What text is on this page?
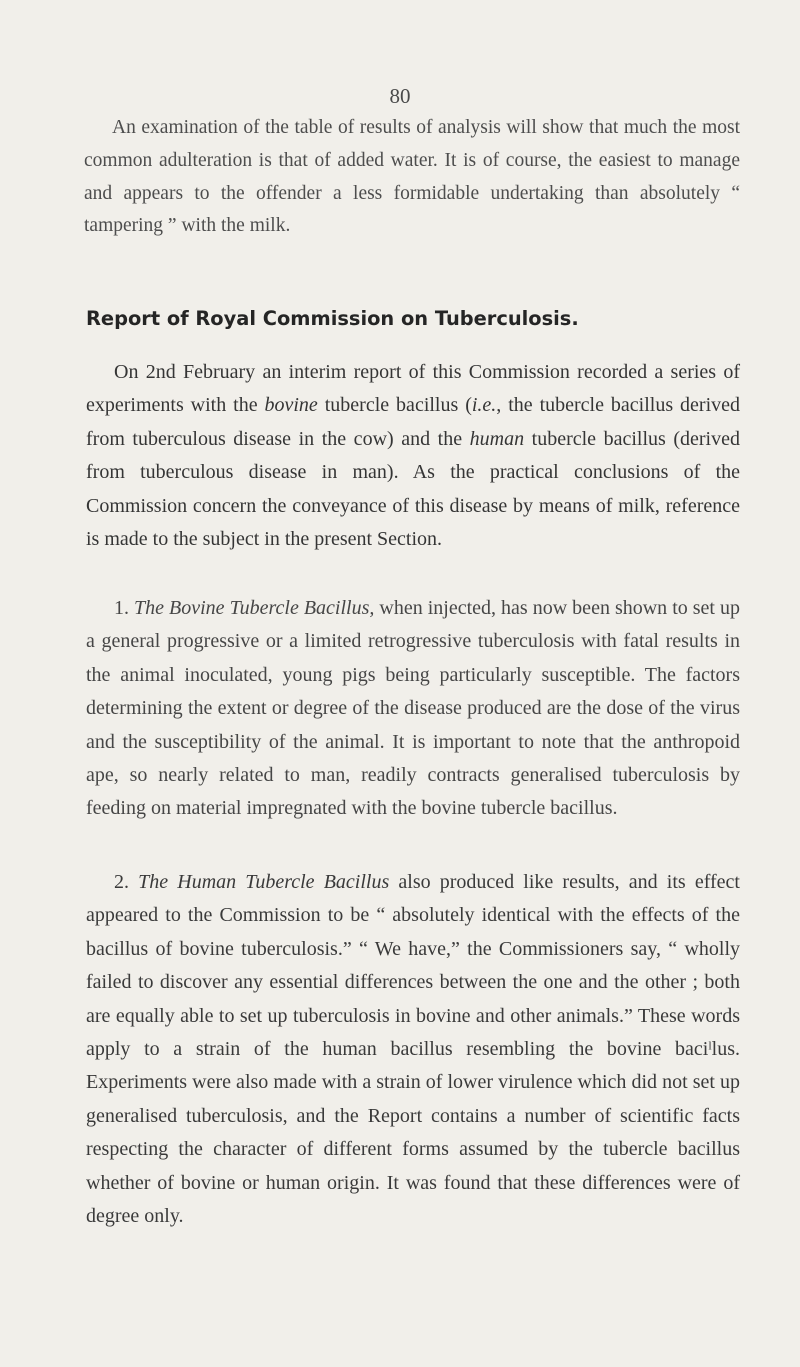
80

An examination of the table of results of analysis will show that much the most common adulteration is that of added water. It is of course, the easiest to manage and appears to the offender a less formidable undertaking than absolutely “ tampering ” with the milk.

Report of Royal Commission on Tuberculosis.

On 2nd February an interim report of this Commission recorded a series of experiments with the bovine tubercle bacillus (i.e., the tubercle bacillus derived from tuberculous disease in the cow) and the human tubercle bacillus (derived from tuberculous disease in man). As the practical conclusions of the Commission concern the conveyance of this disease by means of milk, reference is made to the subject in the present Section.

1. The Bovine Tubercle Bacillus, when injected, has now been shown to set up a general progressive or a limited retrogressive tuberculosis with fatal results in the animal inoculated, young pigs being particularly susceptible. The factors determining the extent or degree of the disease produced are the dose of the virus and the susceptibility of the animal. It is important to note that the anthropoid ape, so nearly related to man, readily contracts generalised tuberculosis by feeding on material impregnated with the bovine tubercle bacillus.

2. The Human Tubercle Bacillus also produced like results, and its effect appeared to the Commission to be “ absolutely identical with the effects of the bacillus of bovine tuberculosis.” “ We have,” the Commissioners say, “ wholly failed to discover any essential differences between the one and the other ; both are equally able to set up tuberculosis in bovine and other animals.” These words apply to a strain of the human bacillus resembling the bovine baciˡlus. Experiments were also made with a strain of lower virulence which did not set up generalised tuberculosis, and the Report contains a number of scientific facts respecting the character of different forms assumed by the tubercle bacillus whether of bovine or human origin. It was found that these differences were of degree only.
